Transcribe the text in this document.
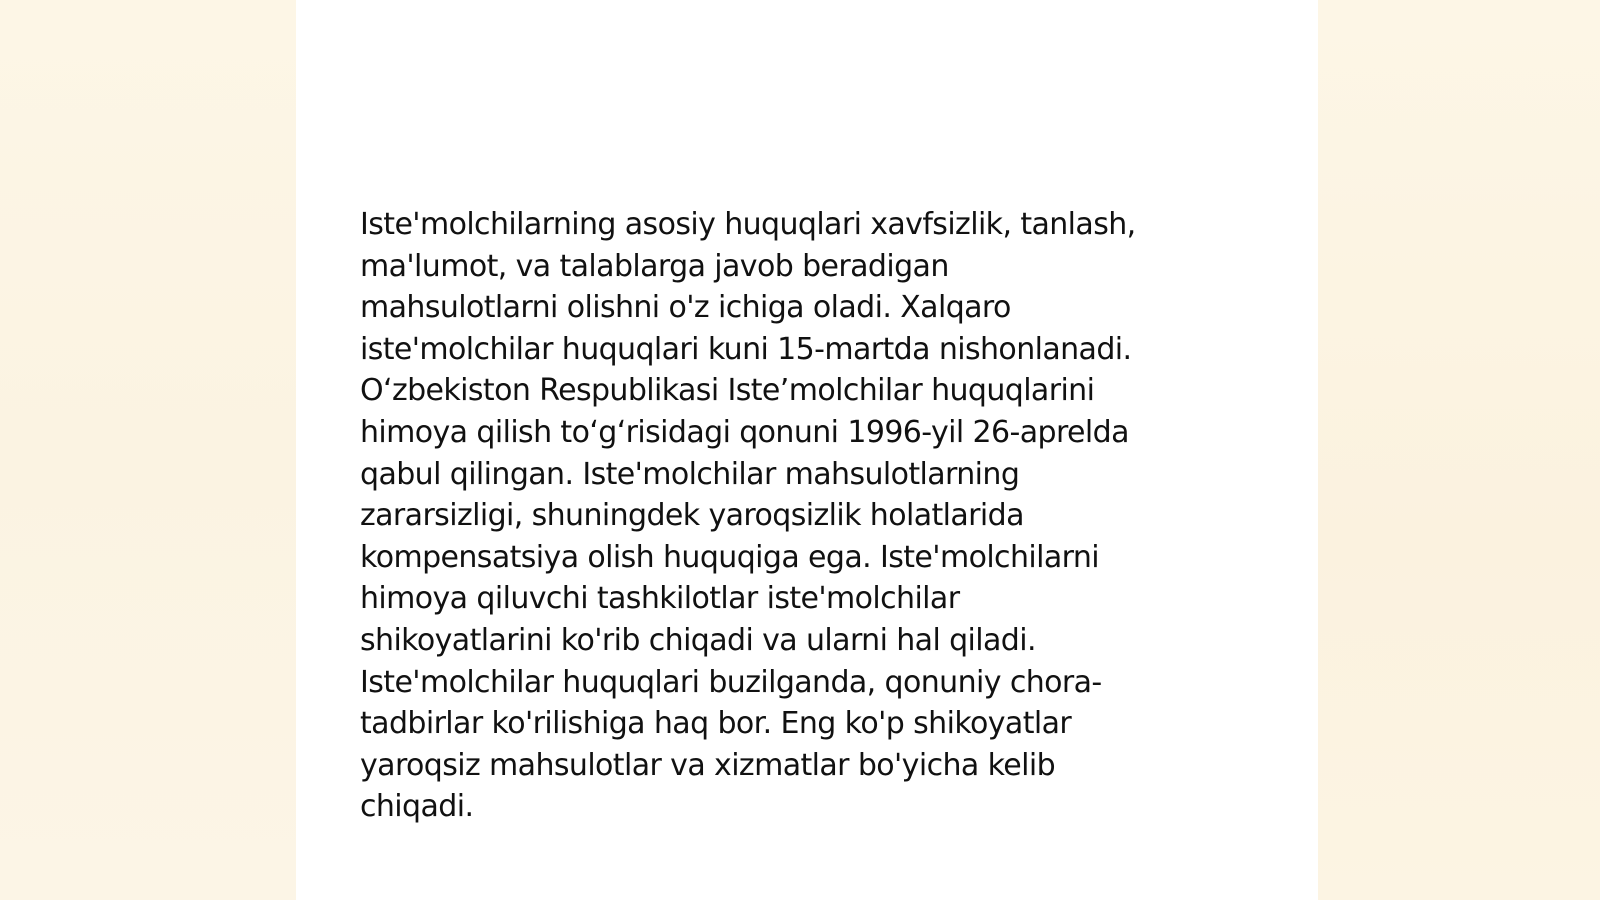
Iste'molchilarning asosiy huquqlari xavfsizlik, tanlash,
ma'lumot, va talablarga javob beradigan
mahsulotlarni olishni o'z ichiga oladi. Xalqaro
iste'molchilar huquqlari kuni 15-martda nishonlanadi.
O‘zbekiston Respublikasi Iste’molchilar huquqlarini
himoya qilish to‘g‘risidagi qonuni 1996-yil 26-aprelda
qabul qilingan. Iste'molchilar mahsulotlarning
zararsizligi, shuningdek yaroqsizlik holatlarida
kompensatsiya olish huquqiga ega. Iste'molchilarni
himoya qiluvchi tashkilotlar iste'molchilar
shikoyatlarini ko'rib chiqadi va ularni hal qiladi.
Iste'molchilar huquqlari buzilganda, qonuniy chora-
tadbirlar ko'rilishiga haq bor. Eng ko'p shikoyatlar
yaroqsiz mahsulotlar va xizmatlar bo'yicha kelib
chiqadi.
